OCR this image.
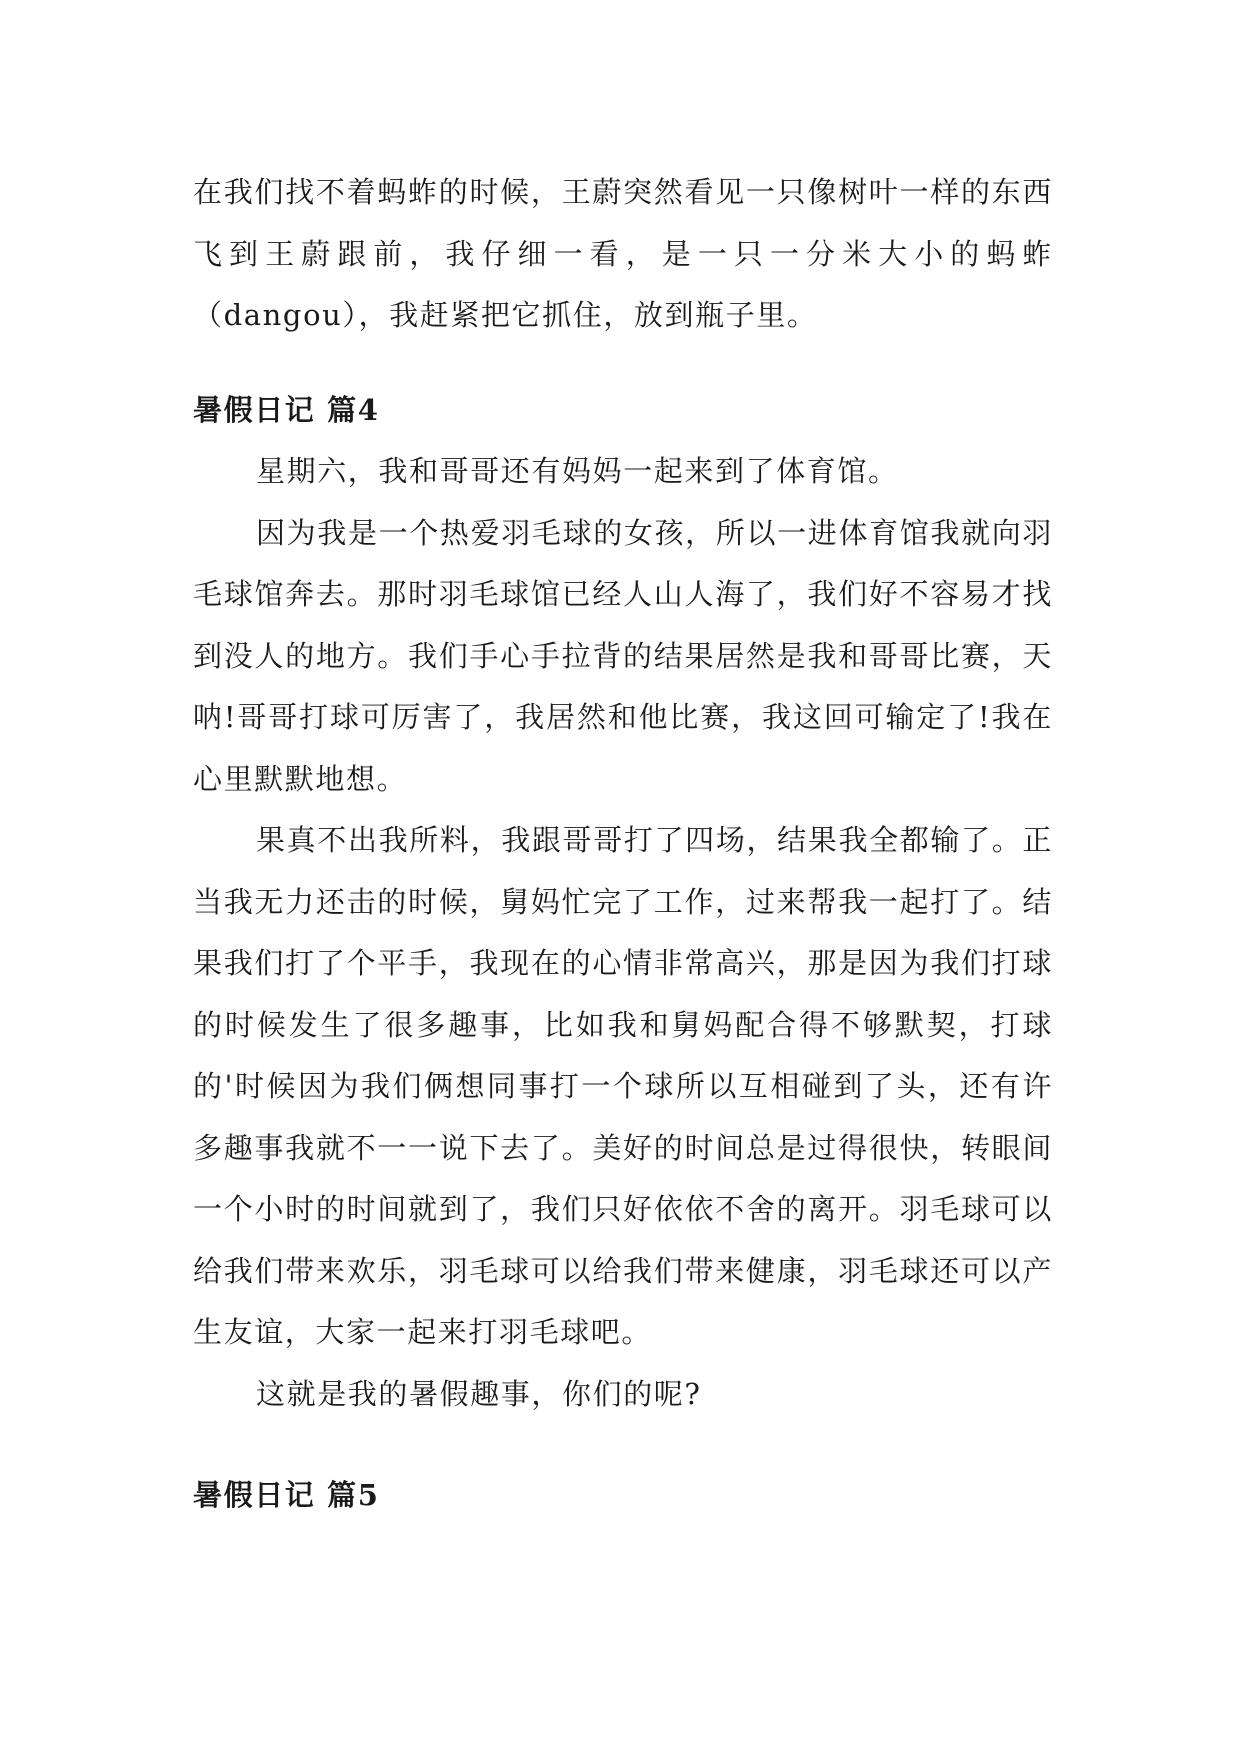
在我们找不着蚂蚱的时候，王蔚突然看见一只像树叶一样的东西飞到王蔚跟前，我仔细一看，是一只一分米大小的蚂蚱（dangou），我赶紧把它抓住，放到瓶子里。

暑假日记 篇4

星期六，我和哥哥还有妈妈一起来到了体育馆。

因为我是一个热爱羽毛球的女孩，所以一进体育馆我就向羽毛球馆奔去。那时羽毛球馆已经人山人海了，我们好不容易才找到没人的地方。我们手心手拉背的结果居然是我和哥哥比赛，天呐!哥哥打球可厉害了，我居然和他比赛，我这回可输定了!我在心里默默地想。

果真不出我所料，我跟哥哥打了四场，结果我全都输了。正当我无力还击的时候，舅妈忙完了工作，过来帮我一起打了。结果我们打了个平手，我现在的心情非常高兴，那是因为我们打球的时候发生了很多趣事，比如我和舅妈配合得不够默契，打球的'时候因为我们俩想同事打一个球所以互相碰到了头，还有许多趣事我就不一一说下去了。美好的时间总是过得很快，转眼间一个小时的时间就到了，我们只好依依不舍的离开。羽毛球可以给我们带来欢乐，羽毛球可以给我们带来健康，羽毛球还可以产生友谊，大家一起来打羽毛球吧。

这就是我的暑假趣事，你们的呢?

暑假日记 篇5
